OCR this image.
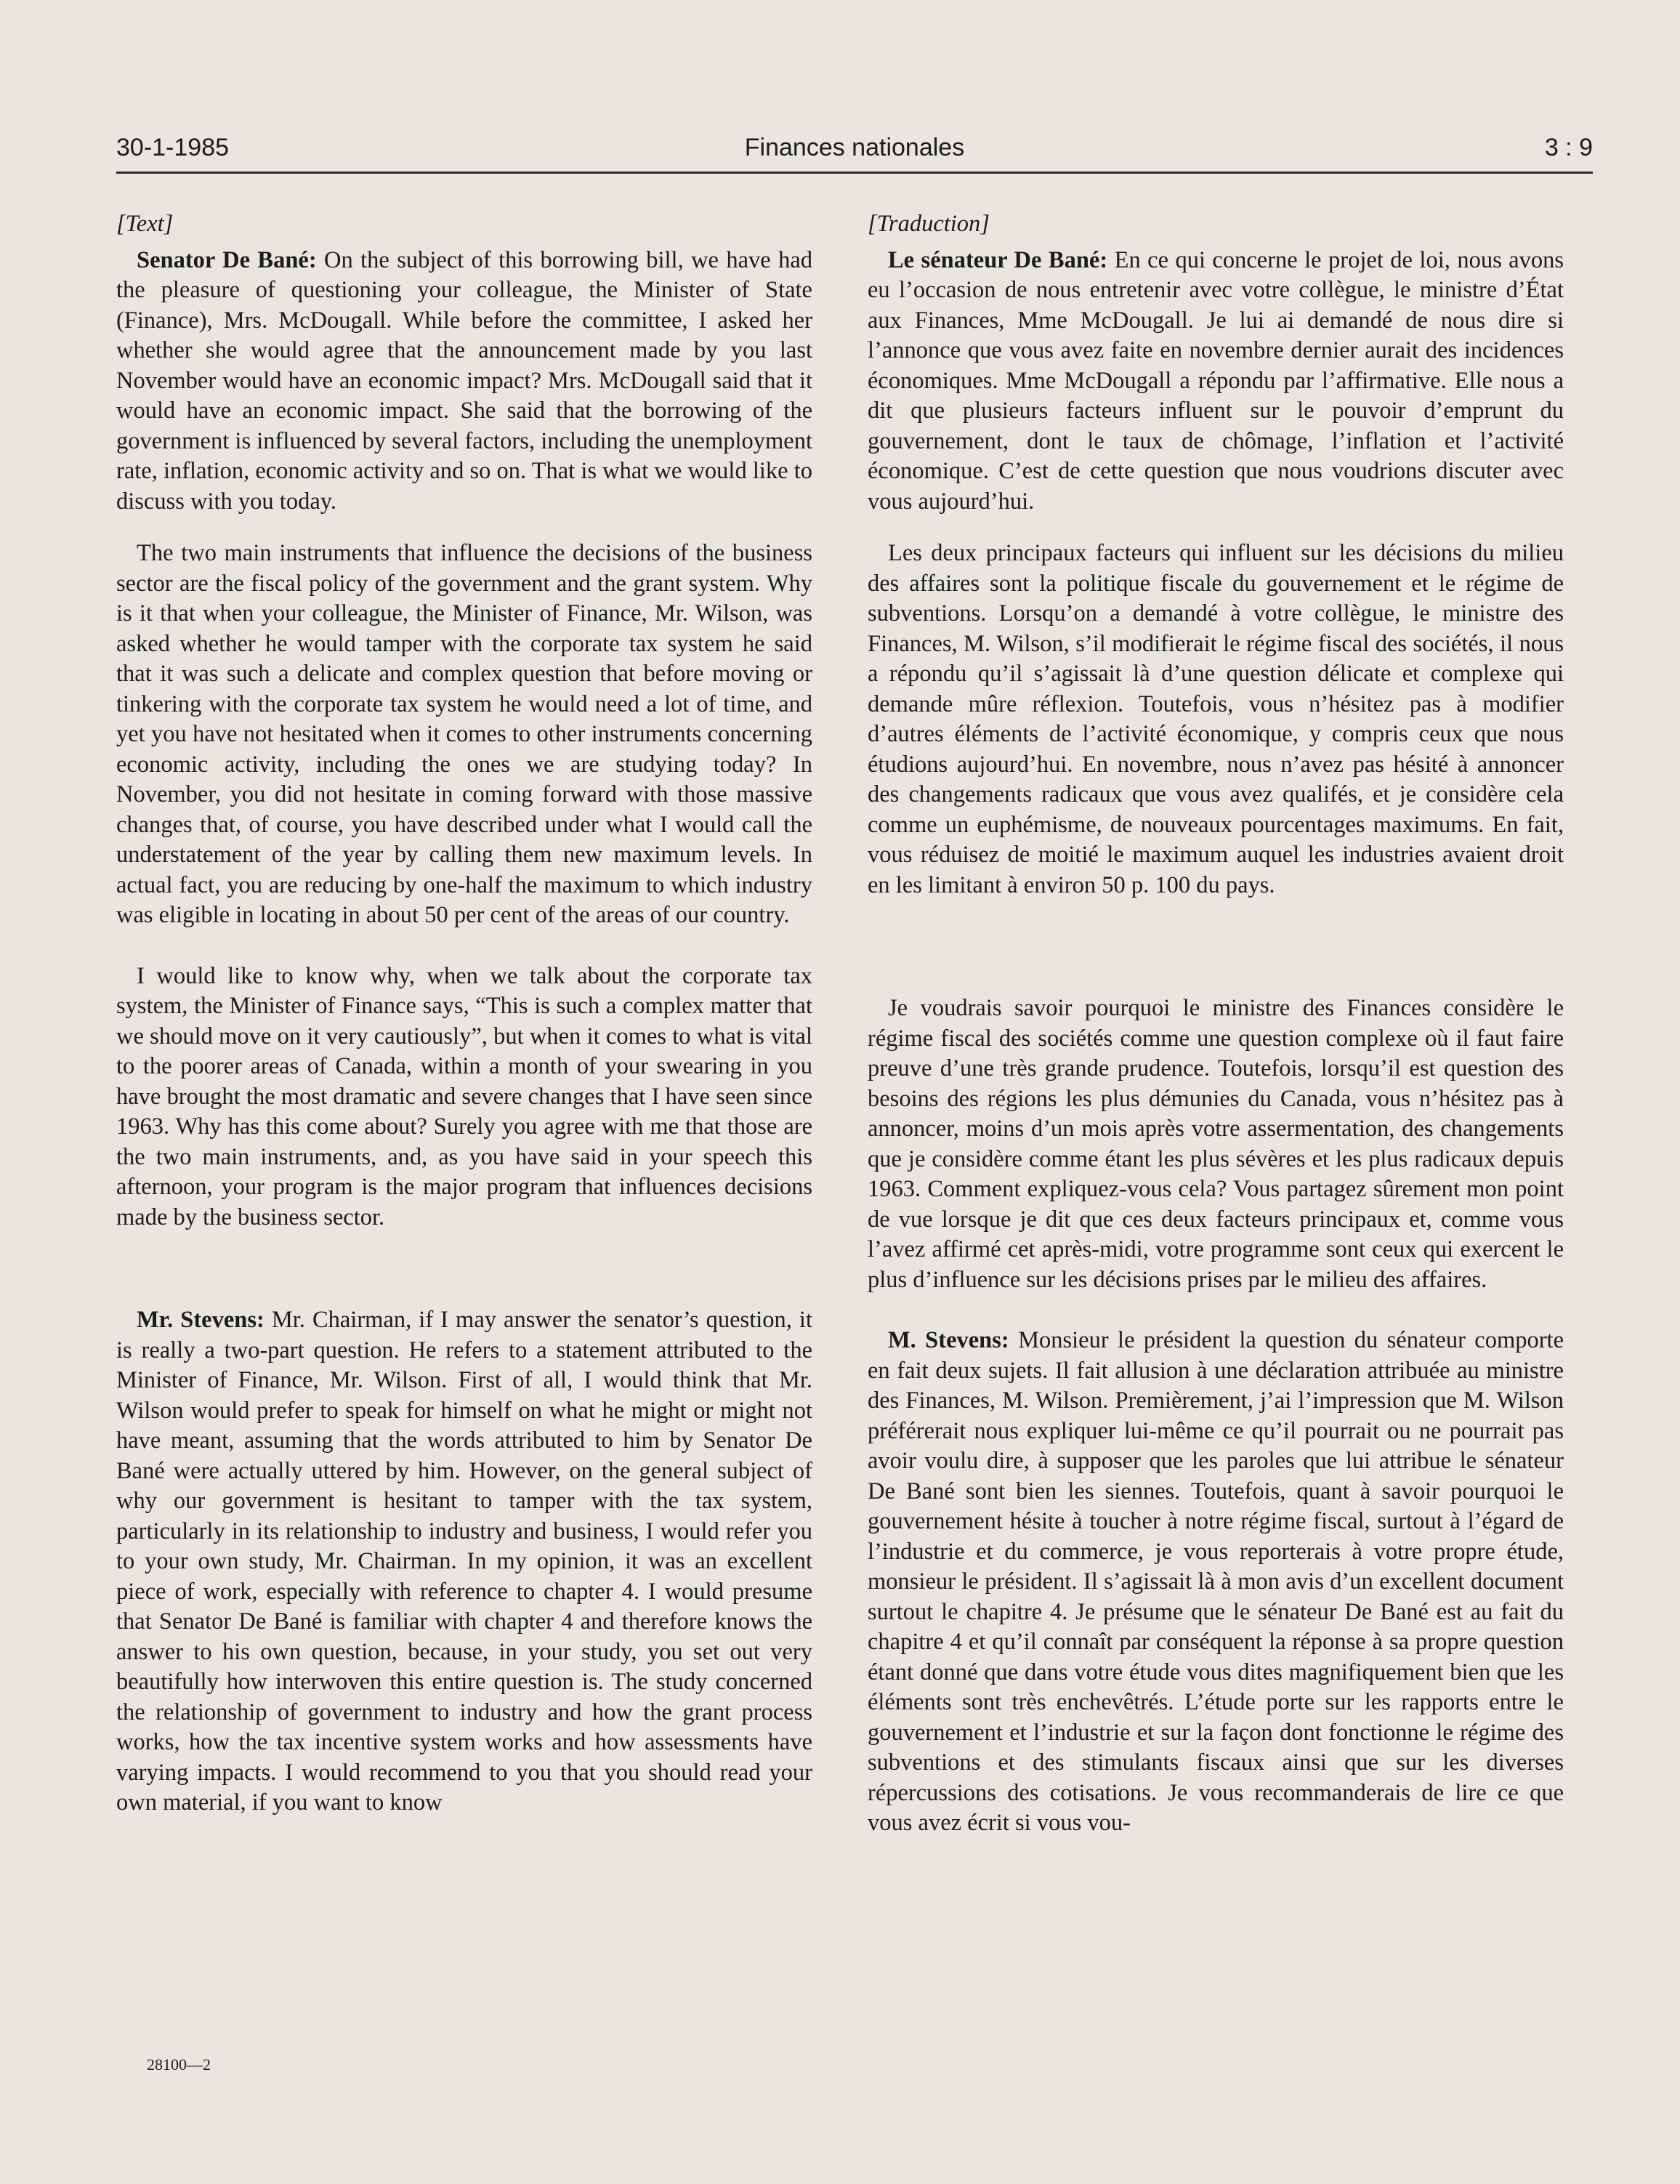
30-1-1985	Finances nationales	3 : 9

[Text]

Senator De Bané: On the subject of this borrowing bill, we have had the pleasure of questioning your colleague, the Minister of State (Finance), Mrs. McDougall. While before the committee, I asked her whether she would agree that the announcement made by you last November would have an economic impact? Mrs. McDougall said that it would have an economic impact. She said that the borrowing of the government is influenced by several factors, including the unemployment rate, inflation, economic activity and so on. That is what we would like to discuss with you today.

The two main instruments that influence the decisions of the business sector are the fiscal policy of the government and the grant system. Why is it that when your colleague, the Minister of Finance, Mr. Wilson, was asked whether he would tamper with the corporate tax system he said that it was such a delicate and complex question that before moving or tinkering with the corporate tax system he would need a lot of time, and yet you have not hesitated when it comes to other instruments concerning economic activity, including the ones we are studying today? In November, you did not hesitate in coming forward with those massive changes that, of course, you have described under what I would call the understatement of the year by calling them new maximum levels. In actual fact, you are reducing by one-half the maximum to which industry was eligible in locating in about 50 per cent of the areas of our country.

I would like to know why, when we talk about the corporate tax system, the Minister of Finance says, “This is such a complex matter that we should move on it very cautiously”, but when it comes to what is vital to the poorer areas of Canada, within a month of your swearing in you have brought the most dramatic and severe changes that I have seen since 1963. Why has this come about? Surely you agree with me that those are the two main instruments, and, as you have said in your speech this afternoon, your program is the major program that influences decisions made by the business sector.

Mr. Stevens: Mr. Chairman, if I may answer the senator’s question, it is really a two-part question. He refers to a statement attributed to the Minister of Finance, Mr. Wilson. First of all, I would think that Mr. Wilson would prefer to speak for himself on what he might or might not have meant, assuming that the words attributed to him by Senator De Bané were actually uttered by him. However, on the general subject of why our government is hesitant to tamper with the tax system, particularly in its relationship to industry and business, I would refer you to your own study, Mr. Chairman. In my opinion, it was an excellent piece of work, especially with reference to chapter 4. I would presume that Senator De Bané is familiar with chapter 4 and therefore knows the answer to his own question, because, in your study, you set out very beautifully how interwoven this entire question is. The study concerned the relationship of government to industry and how the grant process works, how the tax incentive system works and how assessments have varying impacts. I would recommend to you that you should read your own material, if you want to know

[Traduction]

Le sénateur De Bané: En ce qui concerne le projet de loi, nous avons eu l’occasion de nous entretenir avec votre collègue, le ministre d’État aux Finances, Mme McDougall. Je lui ai demandé de nous dire si l’annonce que vous avez faite en novembre dernier aurait des incidences économiques. Mme McDougall a répondu par l’affirmative. Elle nous a dit que plusieurs facteurs influent sur le pouvoir d’emprunt du gouvernement, dont le taux de chômage, l’inflation et l’activité économique. C’est de cette question que nous voudrions discuter avec vous aujourd’hui.

Les deux principaux facteurs qui influent sur les décisions du milieu des affaires sont la politique fiscale du gouvernement et le régime de subventions. Lorsqu’on a demandé à votre collègue, le ministre des Finances, M. Wilson, s’il modifierait le régime fiscal des sociétés, il nous a répondu qu’il s’agissait là d’une question délicate et complexe qui demande mûre réflexion. Toutefois, vous n’hésitez pas à modifier d’autres éléments de l’activité économique, y compris ceux que nous étudions aujourd’hui. En novembre, nous n’avez pas hésité à annoncer des changements radicaux que vous avez qualifés, et je considère cela comme un euphémisme, de nouveaux pourcentages maximums. En fait, vous réduisez de moitié le maximum auquel les industries avaient droit en les limitant à environ 50 p. 100 du pays.

Je voudrais savoir pourquoi le ministre des Finances considère le régime fiscal des sociétés comme une question complexe où il faut faire preuve d’une très grande prudence. Toutefois, lorsqu’il est question des besoins des régions les plus démunies du Canada, vous n’hésitez pas à annoncer, moins d’un mois après votre assermentation, des changements que je considère comme étant les plus sévères et les plus radicaux depuis 1963. Comment expliquez-vous cela? Vous partagez sûrement mon point de vue lorsque je dit que ces deux facteurs principaux et, comme vous l’avez affirmé cet après-midi, votre programme sont ceux qui exercent le plus d’influence sur les décisions prises par le milieu des affaires.

M. Stevens: Monsieur le président la question du sénateur comporte en fait deux sujets. Il fait allusion à une déclaration attribuée au ministre des Finances, M. Wilson. Premièrement, j’ai l’impression que M. Wilson préférerait nous expliquer lui-même ce qu’il pourrait ou ne pourrait pas avoir voulu dire, à supposer que les paroles que lui attribue le sénateur De Bané sont bien les siennes. Toutefois, quant à savoir pourquoi le gouvernement hésite à toucher à notre régime fiscal, surtout à l’égard de l’industrie et du commerce, je vous reporterais à votre propre étude, monsieur le président. Il s’agissait là à mon avis d’un excellent document surtout le chapitre 4. Je présume que le sénateur De Bané est au fait du chapitre 4 et qu’il connaît par conséquent la réponse à sa propre question étant donné que dans votre étude vous dites magnifiquement bien que les éléments sont très enchevêtrés. L’étude porte sur les rapports entre le gouvernement et l’industrie et sur la façon dont fonctionne le régime des subventions et des stimulants fiscaux ainsi que sur les diverses répercussions des cotisations. Je vous recommanderais de lire ce que vous avez écrit si vous vou-

28100—2
